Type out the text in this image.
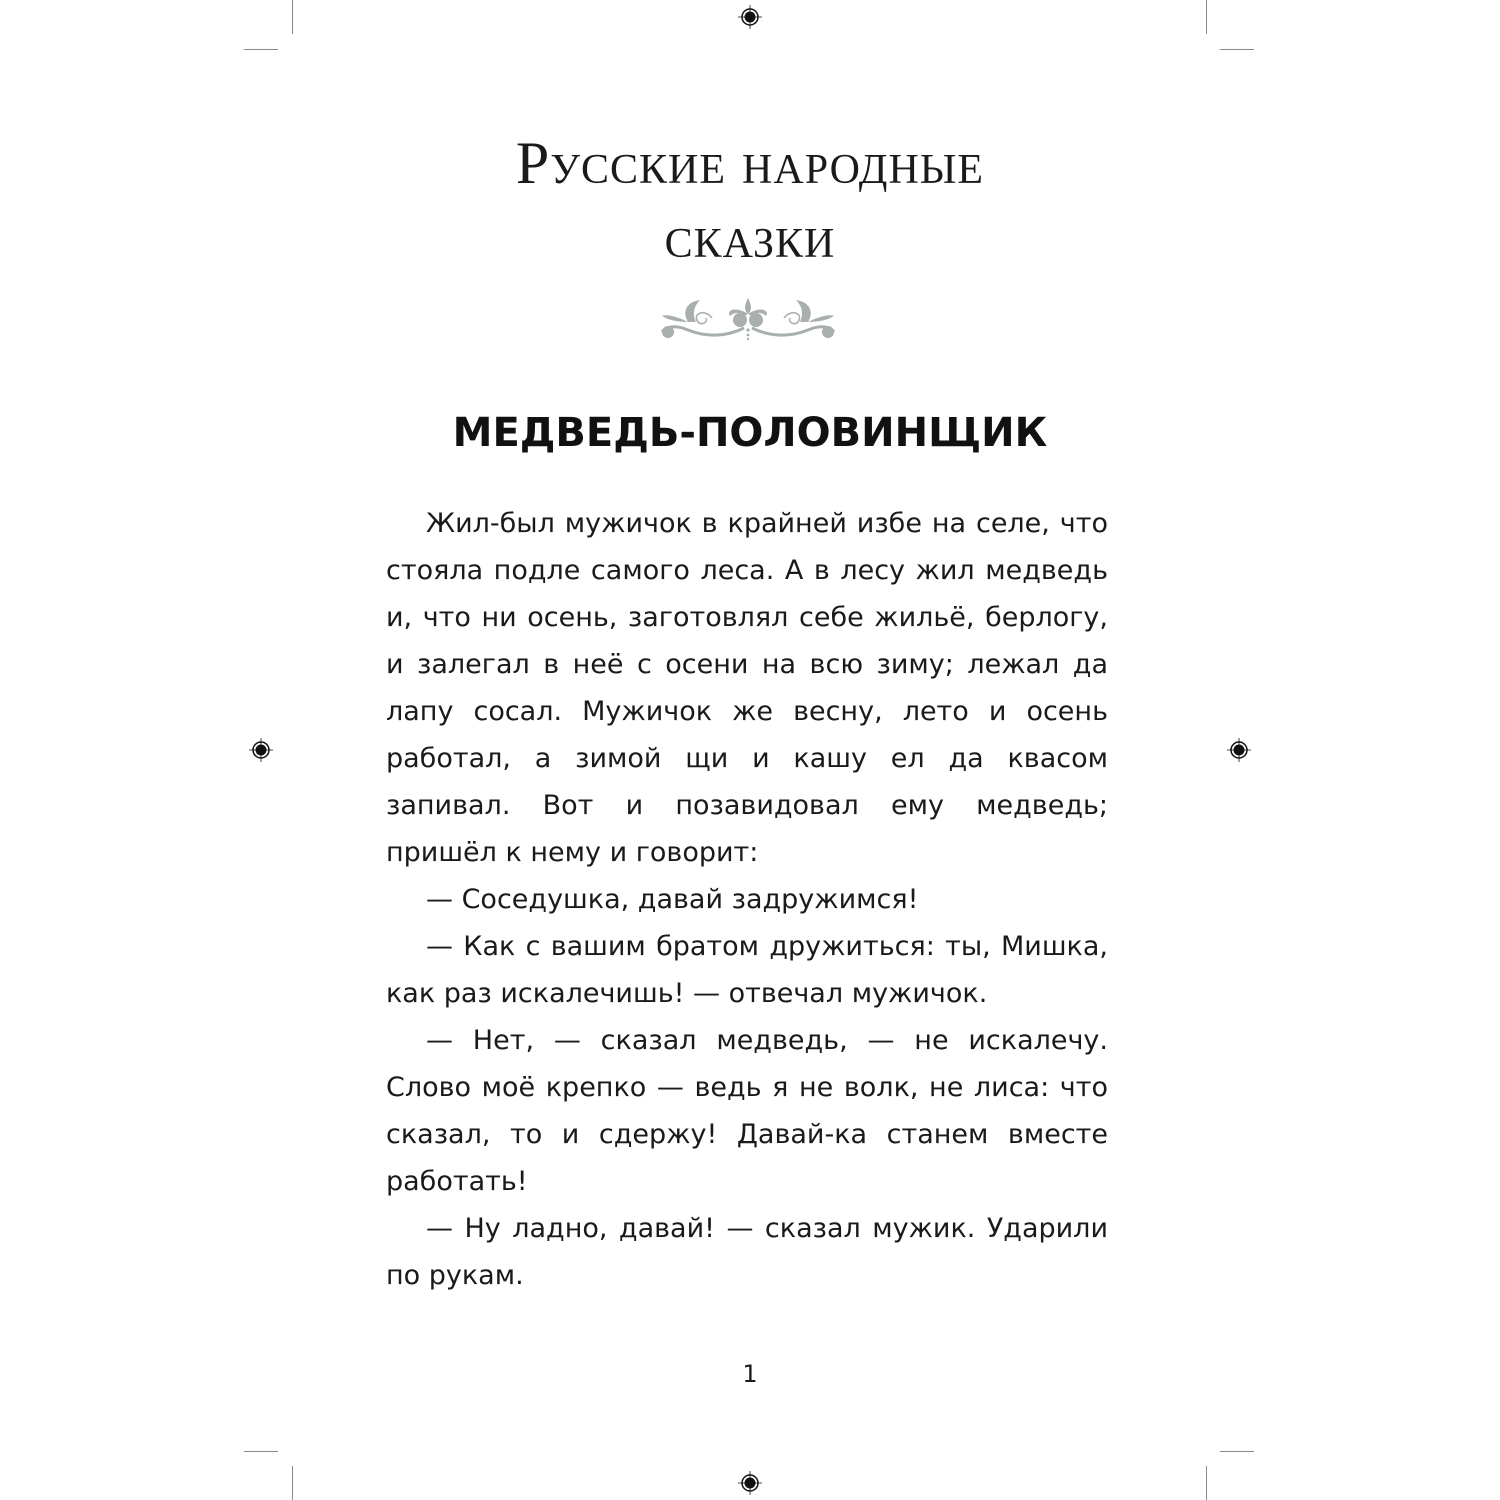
Русские народные
сказки
МЕДВЕДЬ-ПОЛОВИНЩИК

Жил-был мужичок в крайней избе на селе, что стояла подле самого леса. А в лесу жил медведь и, что ни осень, заготовлял себе жильё, берлогу, и залегал в неё с осени на всю зиму; лежал да лапу сосал. Мужичок же весну, лето и осень работал, а зимой щи и кашу ел да квасом запивал. Вот и позавидовал ему медведь; пришёл к нему и говорит:

— Соседушка, давай задружимся!

— Как с вашим братом дружиться: ты, Мишка, как раз искалечишь! — отвечал мужичок.

— Нет, — сказал медведь, — не искалечу. Слово моё крепко — ведь я не волк, не лиса: что сказал, то и сдержу! Давай-ка станем вместе работать!

— Ну ладно, давай! — сказал мужик. Ударили по рукам.

1
